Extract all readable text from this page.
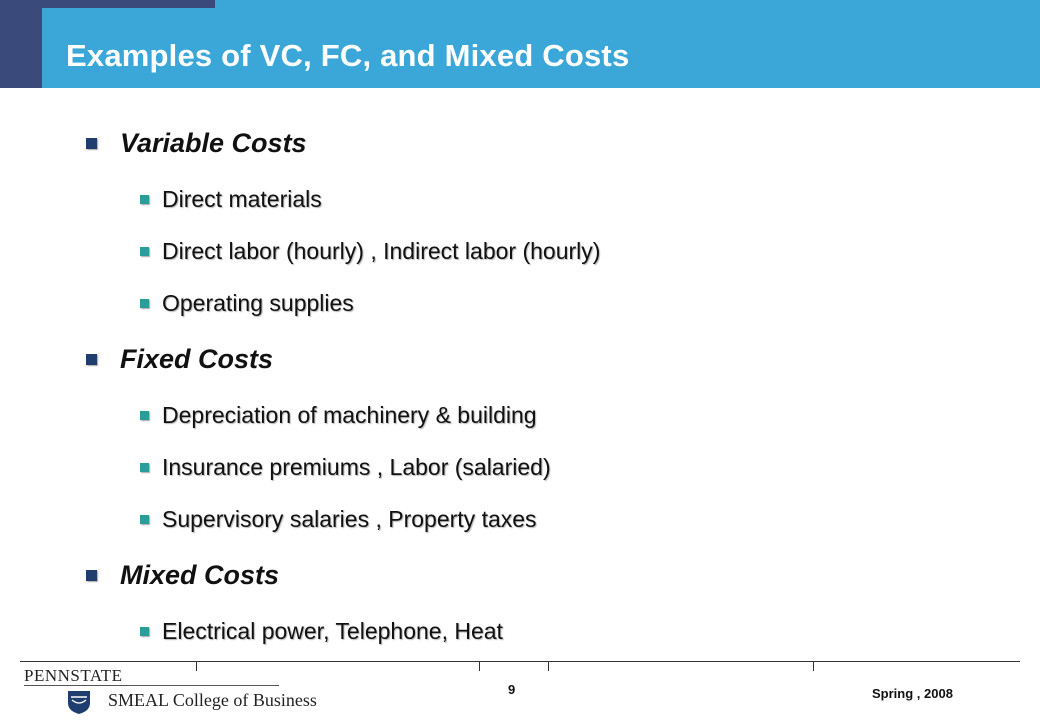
Examples of VC, FC, and Mixed Costs
Variable Costs
Direct materials
Direct labor (hourly) , Indirect labor (hourly)
Operating supplies
Fixed Costs
Depreciation of machinery & building
Insurance premiums , Labor (salaried)
Supervisory salaries , Property taxes
Mixed Costs
Electrical power, Telephone, Heat
PENNSTATE
SMEAL College of Business
9	Spring , 2008
